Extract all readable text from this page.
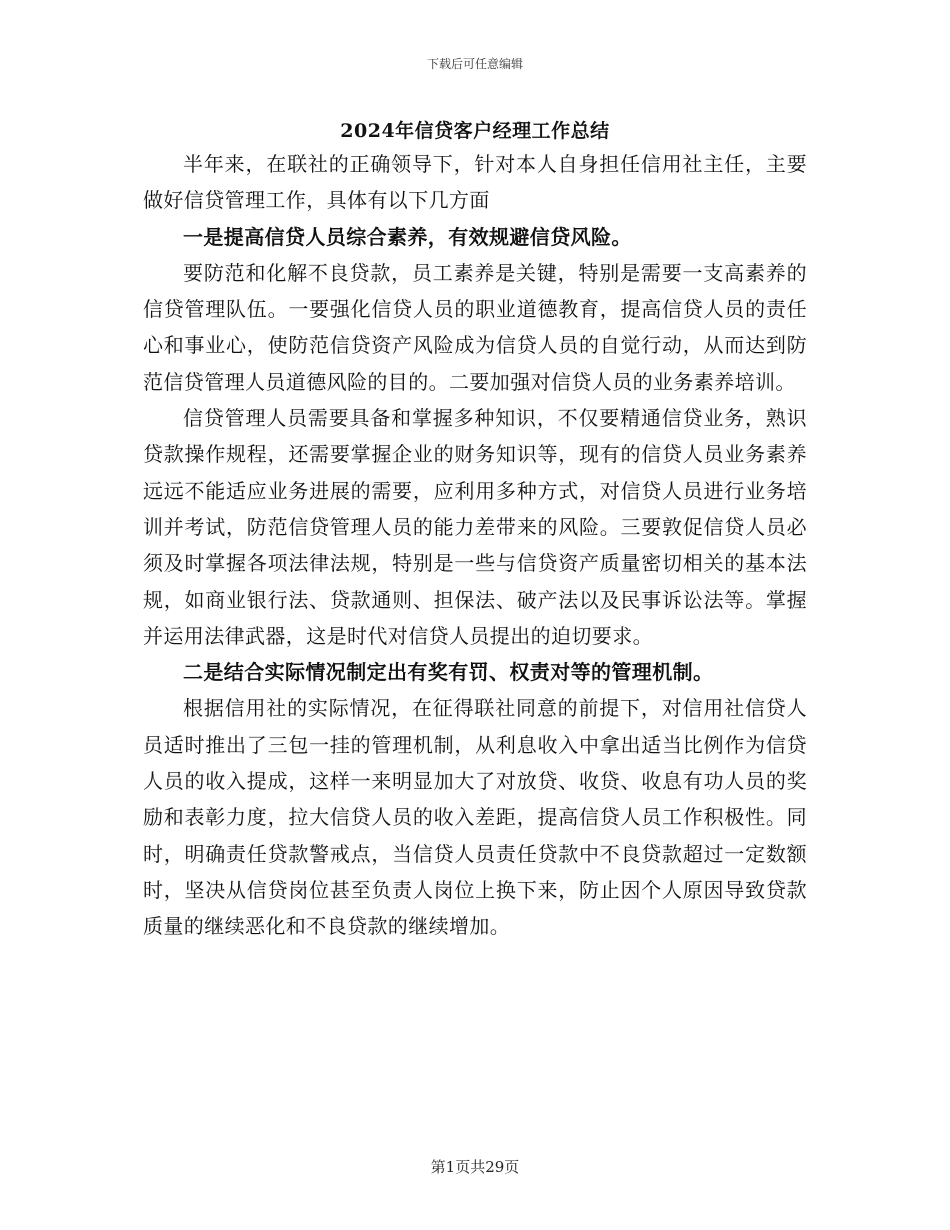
下载后可任意编辑
2024年信贷客户经理工作总结

半年来，在联社的正确领导下，针对本人自身担任信用社主任，主要做好信贷管理工作，具体有以下几方面

一是提高信贷人员综合素养，有效规避信贷风险。

要防范和化解不良贷款，员工素养是关键，特别是需要一支高素养的信贷管理队伍。一要强化信贷人员的职业道德教育，提高信贷人员的责任心和事业心，使防范信贷资产风险成为信贷人员的自觉行动，从而达到防范信贷管理人员道德风险的目的。二要加强对信贷人员的业务素养培训。

信贷管理人员需要具备和掌握多种知识，不仅要精通信贷业务，熟识贷款操作规程，还需要掌握企业的财务知识等，现有的信贷人员业务素养远远不能适应业务进展的需要，应利用多种方式，对信贷人员进行业务培训并考试，防范信贷管理人员的能力差带来的风险。三要敦促信贷人员必须及时掌握各项法律法规，特别是一些与信贷资产质量密切相关的基本法规，如商业银行法、贷款通则、担保法、破产法以及民事诉讼法等。掌握并运用法律武器，这是时代对信贷人员提出的迫切要求。

二是结合实际情况制定出有奖有罚、权责对等的管理机制。

根据信用社的实际情况，在征得联社同意的前提下，对信用社信贷人员适时推出了三包一挂的管理机制，从利息收入中拿出适当比例作为信贷人员的收入提成，这样一来明显加大了对放贷、收贷、收息有功人员的奖励和表彰力度，拉大信贷人员的收入差距，提高信贷人员工作积极性。同时，明确责任贷款警戒点，当信贷人员责任贷款中不良贷款超过一定数额时，坚决从信贷岗位甚至负责人岗位上换下来，防止因个人原因导致贷款质量的继续恶化和不良贷款的继续增加。

第1页共29页
